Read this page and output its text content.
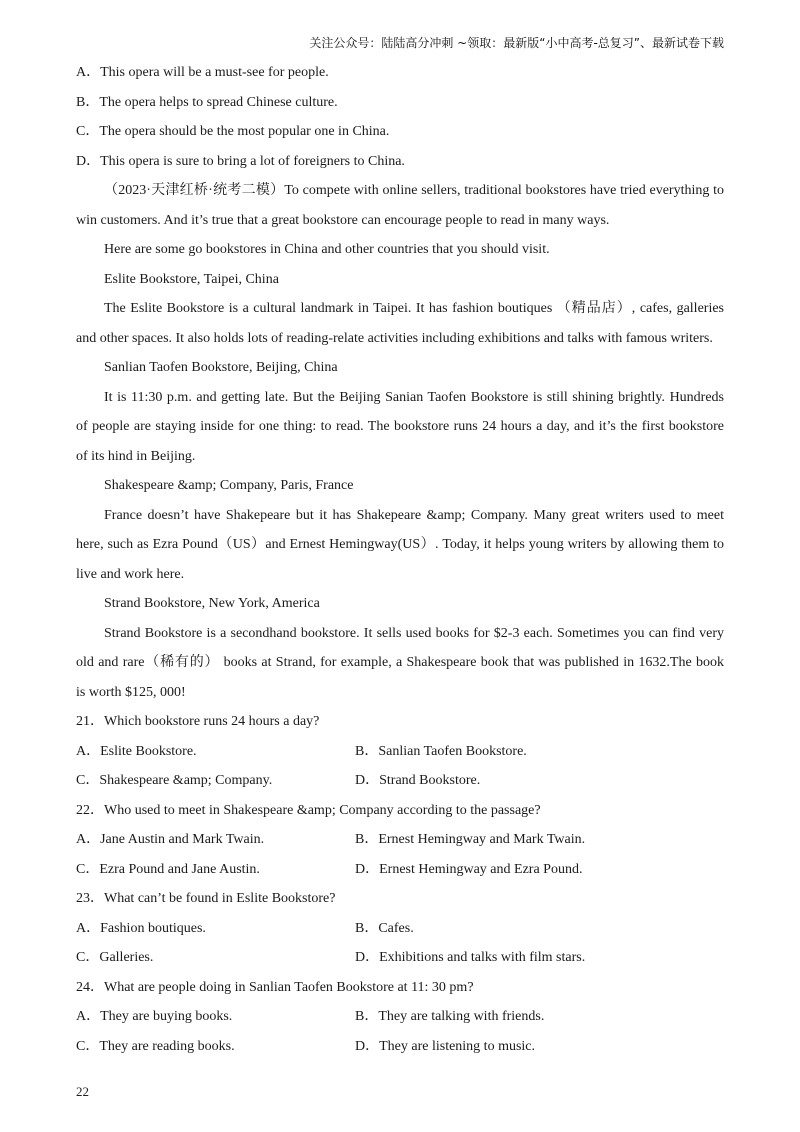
关注公众号：陆陆高分冲刺 ~领取：最新版“小中高考-总复习”、最新试卷下载
A．This opera will be a must-see for people.
B．The opera helps to spread Chinese culture.
C．The opera should be the most popular one in China.
D．This opera is sure to bring a lot of foreigners to China.
（2023·天津红桥·统考二模）To compete with online sellers, traditional bookstores have tried everything to
win customers. And it’s true that a great bookstore can encourage people to read in many ways.
Here are some go bookstores in China and other countries that you should visit.
Eslite Bookstore, Taipei, China
The Eslite Bookstore is a cultural landmark in Taipei. It has fashion boutiques （精品店）, cafes, galleries
and other spaces. It also holds lots of reading-relate activities including exhibitions and talks with famous writers.
Sanlian Taofen Bookstore, Beijing, China
It is 11:30 p.m. and getting late. But the Beijing Sanian Taofen Bookstore is still shining brightly. Hundreds
of people are staying inside for one thing: to read. The bookstore runs 24 hours a day, and it’s the first bookstore
of its hind in Beijing.
Shakespeare &amp; Company, Paris, France
France doesn’t have Shakepeare but it has Shakepeare &amp; Company. Many great writers used to meet
here, such as Ezra Pound（US）and Ernest Hemingway(US）. Today, it helps young writers by allowing them to
live and work here.
Strand Bookstore, New York, America
Strand Bookstore is a secondhand bookstore. It sells used books for $2-3 each. Sometimes you can find very
old and rare（稀有的） books at Strand, for example, a Shakespeare book that was published in 1632.The book
is worth $125, 000!
21．Which bookstore runs 24 hours a day?
A．Eslite Bookstore.	B．Sanlian Taofen Bookstore.
C．Shakespeare &amp; Company.	D．Strand Bookstore.
22．Who used to meet in Shakespeare &amp; Company according to the passage?
A．Jane Austin and Mark Twain.	B．Ernest Hemingway and Mark Twain.
C．Ezra Pound and Jane Austin.	D．Ernest Hemingway and Ezra Pound.
23．What can’t be found in Eslite Bookstore?
A．Fashion boutiques.	B．Cafes.
C．Galleries.	D．Exhibitions and talks with film stars.
24．What are people doing in Sanlian Taofen Bookstore at 11: 30 pm?
A．They are buying books.	B．They are talking with friends.
C．They are reading books.	D．They are listening to music.
22
